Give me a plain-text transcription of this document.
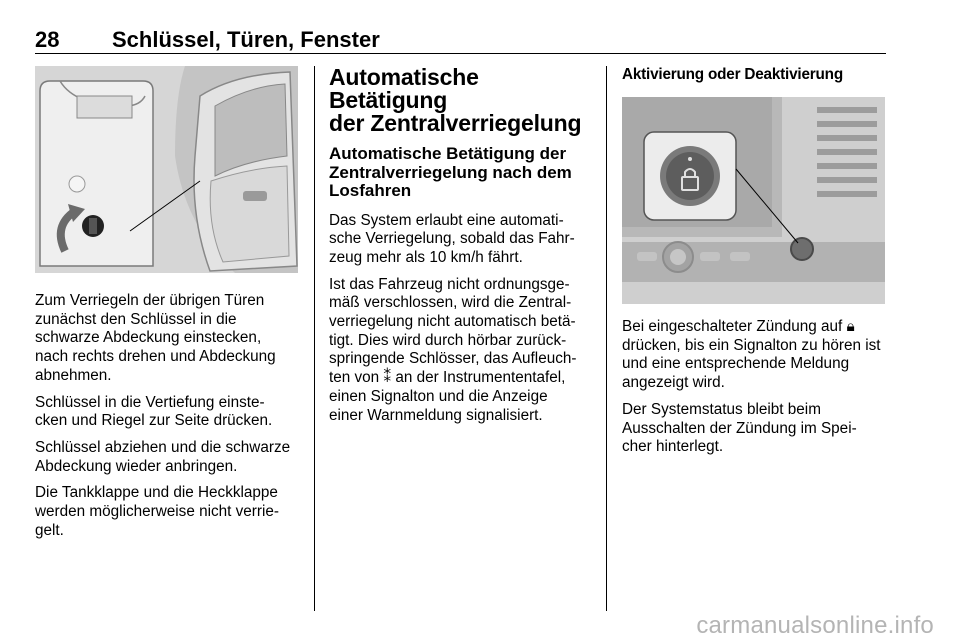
28 Schlüssel, Türen, Fenster

Zum Verriegeln der übrigen Türen
zunächst den Schlüssel in die
schwarze Abdeckung einstecken,
nach rechts drehen und Abdeckung
abnehmen.

Schlüssel in die Vertiefung einste-
cken und Riegel zur Seite drücken.

Schlüssel abziehen und die schwarze
Abdeckung wieder anbringen.

Die Tankklappe und die Heckklappe
werden möglicherweise nicht verrie-
gelt.

Automatische Betätigung
der Zentralverriegelung
Automatische Betätigung der
Zentralverriegelung nach dem
Losfahren

Das System erlaubt eine automati-
sche Verriegelung, sobald das Fahr-
zeug mehr als 10 km/h fährt.

Ist das Fahrzeug nicht ordnungsge-
mäß verschlossen, wird die Zentral-
verriegelung nicht automatisch betä-
tigt. Dies wird durch hörbar zurück-
springende Schlösser, das Aufleuch-
ten von ⁑ an der Instrumententafel,
einen Signalton und die Anzeige
einer Warnmeldung signalisiert.

Aktivierung oder Deaktivierung

Bei eingeschalteter Zündung auf 🔒︎
drücken, bis ein Signalton zu hören ist
und eine entsprechende Meldung
angezeigt wird.

Der Systemstatus bleibt beim
Ausschalten der Zündung im Spei-
cher hinterlegt.

carmanualsonline.info
